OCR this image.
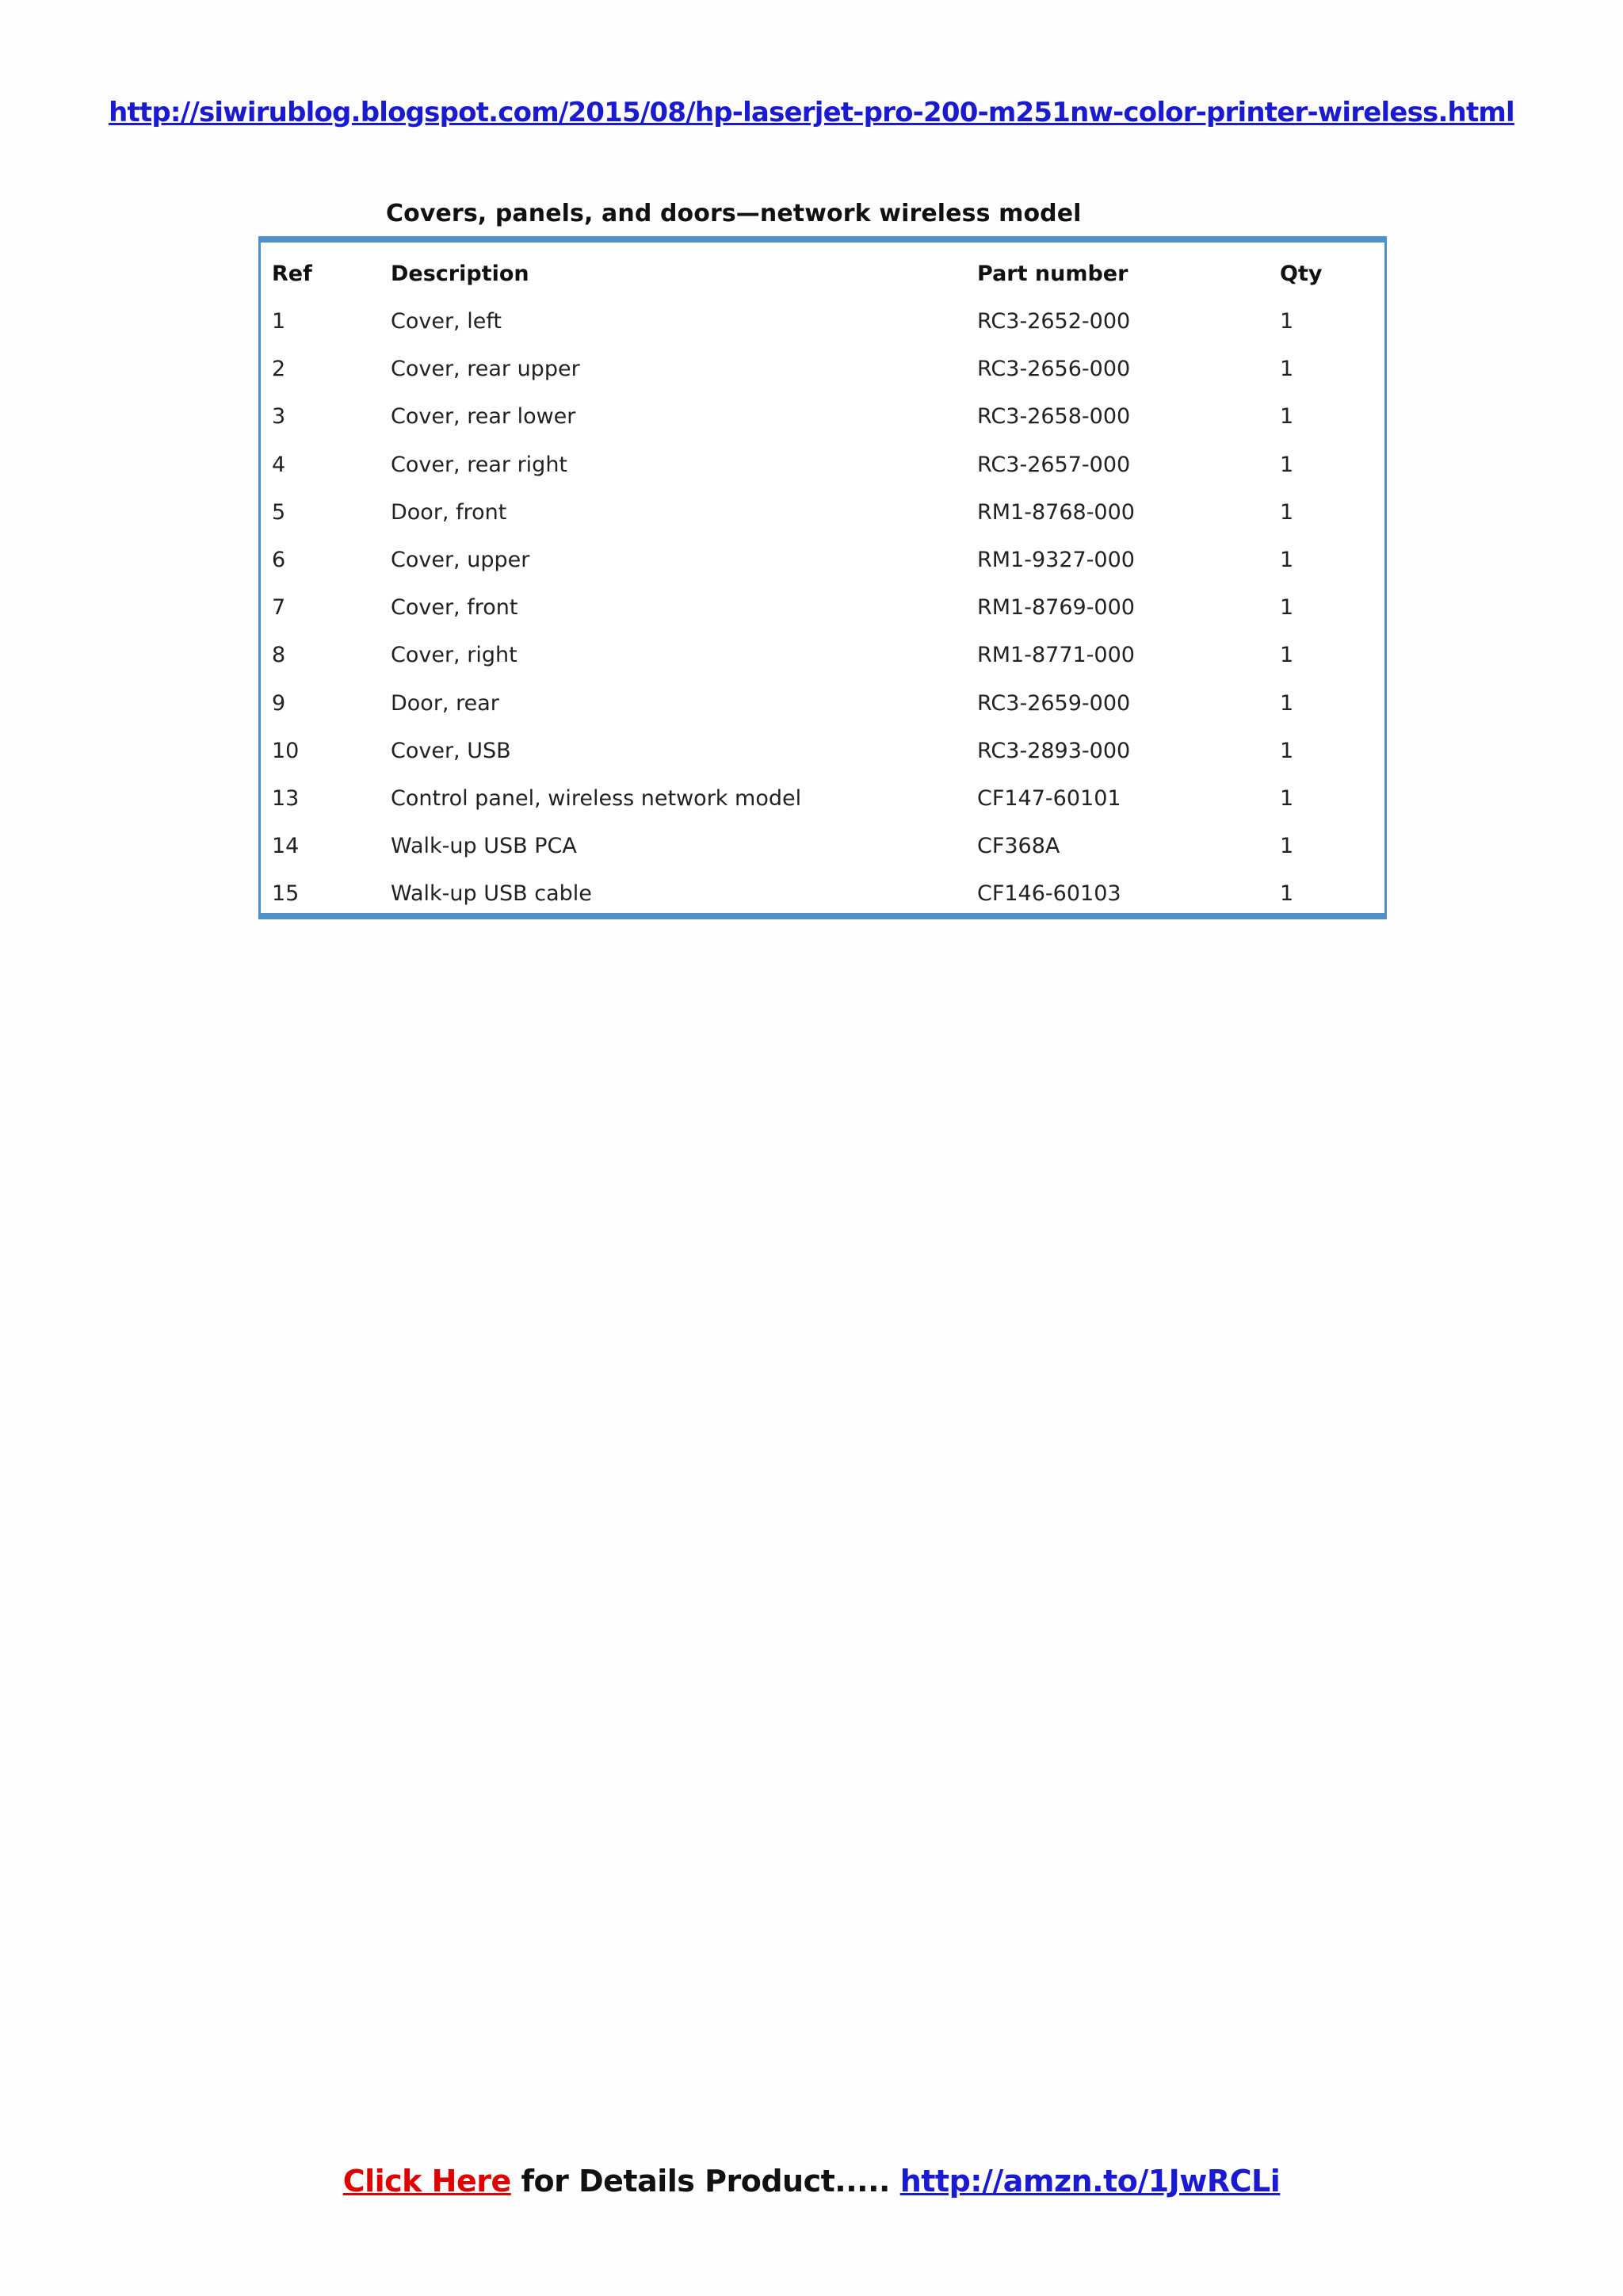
http://siwirublog.blogspot.com/2015/08/hp-laserjet-pro-200-m251nw-color-printer-wireless.html
Covers, panels, and doors—network wireless model
Ref	Description	Part number	Qty
1	Cover, left	RC3-2652-000	1
2	Cover, rear upper	RC3-2656-000	1
3	Cover, rear lower	RC3-2658-000	1
4	Cover, rear right	RC3-2657-000	1
5	Door, front	RM1-8768-000	1
6	Cover, upper	RM1-9327-000	1
7	Cover, front	RM1-8769-000	1
8	Cover, right	RM1-8771-000	1
9	Door, rear	RC3-2659-000	1
10	Cover, USB	RC3-2893-000	1
13	Control panel, wireless network model	CF147-60101	1
14	Walk-up USB PCA	CF368A	1
15	Walk-up USB cable	CF146-60103	1
Click Here for Details Product..... http://amzn.to/1JwRCLi
